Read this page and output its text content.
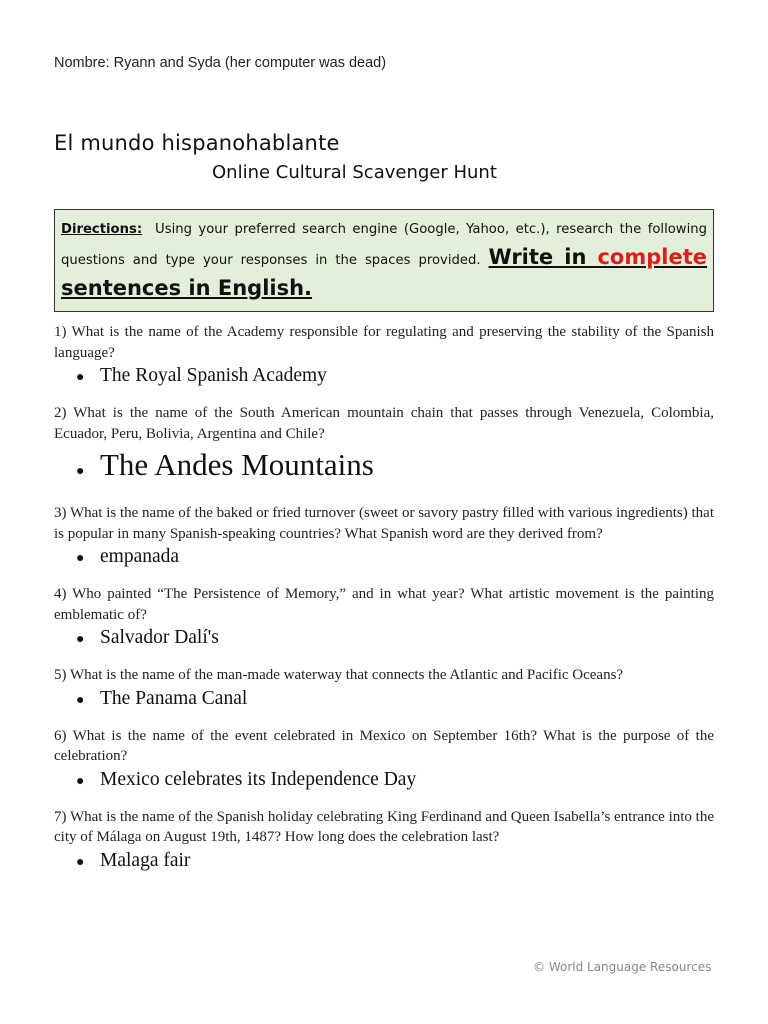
Nombre: Ryann and Syda (her computer was dead)
El mundo hispanohablante
Online Cultural Scavenger Hunt
Directions: Using your preferred search engine (Google, Yahoo, etc.), research the following questions and type your responses in the spaces provided. Write in complete sentences in English.

1) What is the name of the Academy responsible for regulating and preserving the stability of the Spanish language?

● The Royal Spanish Academy

2) What is the name of the South American mountain chain that passes through Venezuela, Colombia, Ecuador, Peru, Bolivia, Argentina and Chile?

● The Andes Mountains

3) What is the name of the baked or fried turnover (sweet or savory pastry filled with various ingredients) that is popular in many Spanish-speaking countries? What Spanish word are they derived from?

● empanada

4) Who painted “The Persistence of Memory,” and in what year? What artistic movement is the painting emblematic of?

● Salvador Dalí's

5) What is the name of the man-made waterway that connects the Atlantic and Pacific Oceans?

● The Panama Canal

6) What is the name of the event celebrated in Mexico on September 16th? What is the purpose of the celebration?

● Mexico celebrates its Independence Day

7) What is the name of the Spanish holiday celebrating King Ferdinand and Queen Isabella’s entrance into the city of Málaga on August 19th, 1487? How long does the celebration last?

● Malaga fair
© World Language Resources
